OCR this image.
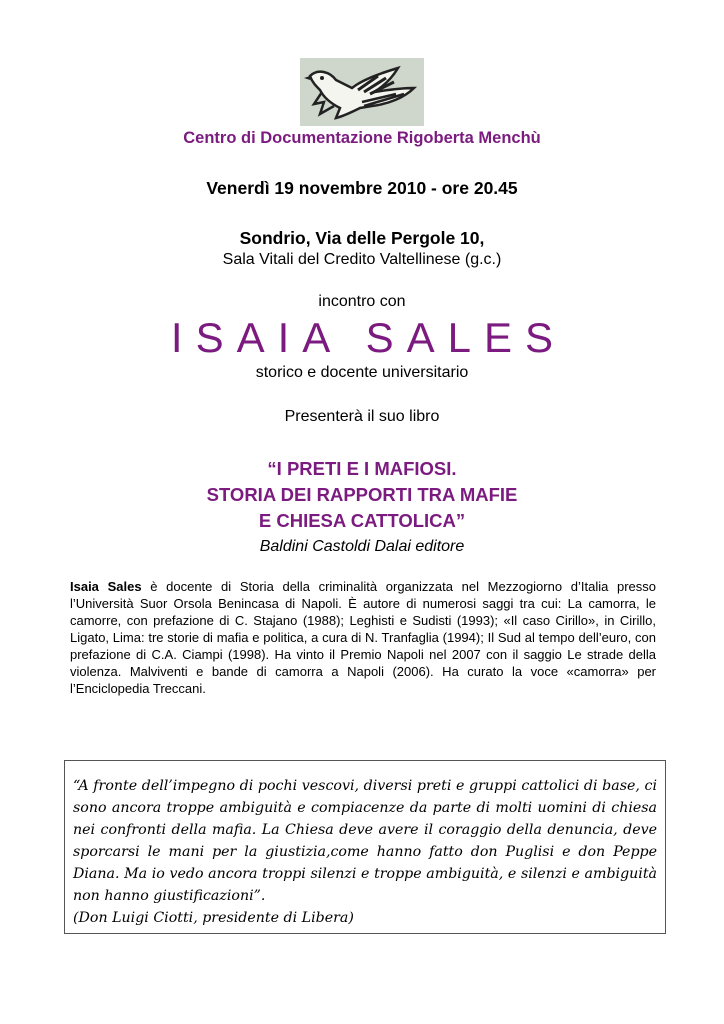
Centro di Documentazione Rigoberta Menchù
Venerdì 19 novembre 2010 - ore 20.45
Sondrio, Via delle Pergole 10,
Sala Vitali del Credito Valtellinese (g.c.)
incontro con
ISAIA SALES
storico e docente universitario
Presenterà il suo libro
“I PRETI E I MAFIOSI.
STORIA DEI RAPPORTI TRA MAFIE
E CHIESA CATTOLICA”
Baldini Castoldi Dalai editore
Isaia Sales è docente di Storia della criminalità organizzata nel Mezzogiorno d’Italia presso l’Università Suor Orsola Benincasa di Napoli. È autore di numerosi saggi tra cui: La camorra, le camorre, con prefazione di C. Stajano (1988); Leghisti e Sudisti (1993); «Il caso Cirillo», in Cirillo, Ligato, Lima: tre storie di mafia e politica, a cura di N. Tranfaglia (1994); Il Sud al tempo dell’euro, con prefazione di C.A. Ciampi (1998). Ha vinto il Premio Napoli nel 2007 con il saggio Le strade della violenza. Malviventi e bande di camorra a Napoli (2006). Ha curato la voce «camorra» per l’Enciclopedia Treccani.

“A fronte dell’impegno di pochi vescovi, diversi preti e gruppi cattolici di base, ci sono ancora troppe ambiguità e compiacenze da parte di molti uomini di chiesa nei confronti della mafia. La Chiesa deve avere il coraggio della denuncia, deve sporcarsi le mani per la giustizia,come hanno fatto don Puglisi e don Peppe Diana. Ma io vedo ancora troppi silenzi e troppe ambiguità, e silenzi e ambiguità non hanno giustificazioni”.

(Don Luigi Ciotti, presidente di Libera)
